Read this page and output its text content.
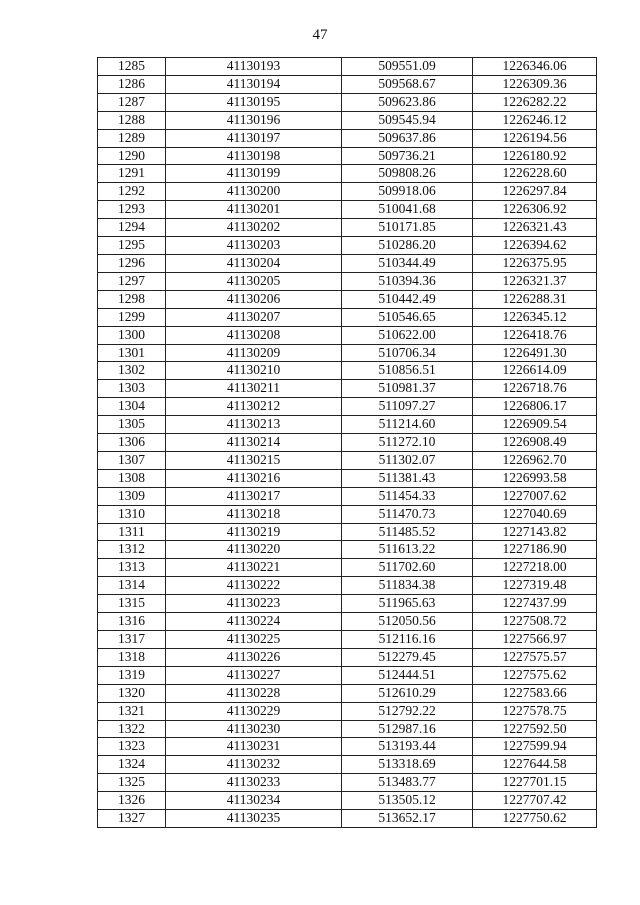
47
1285	41130193	509551.09	1226346.06
1286	41130194	509568.67	1226309.36
1287	41130195	509623.86	1226282.22
1288	41130196	509545.94	1226246.12
1289	41130197	509637.86	1226194.56
1290	41130198	509736.21	1226180.92
1291	41130199	509808.26	1226228.60
1292	41130200	509918.06	1226297.84
1293	41130201	510041.68	1226306.92
1294	41130202	510171.85	1226321.43
1295	41130203	510286.20	1226394.62
1296	41130204	510344.49	1226375.95
1297	41130205	510394.36	1226321.37
1298	41130206	510442.49	1226288.31
1299	41130207	510546.65	1226345.12
1300	41130208	510622.00	1226418.76
1301	41130209	510706.34	1226491.30
1302	41130210	510856.51	1226614.09
1303	41130211	510981.37	1226718.76
1304	41130212	511097.27	1226806.17
1305	41130213	511214.60	1226909.54
1306	41130214	511272.10	1226908.49
1307	41130215	511302.07	1226962.70
1308	41130216	511381.43	1226993.58
1309	41130217	511454.33	1227007.62
1310	41130218	511470.73	1227040.69
1311	41130219	511485.52	1227143.82
1312	41130220	511613.22	1227186.90
1313	41130221	511702.60	1227218.00
1314	41130222	511834.38	1227319.48
1315	41130223	511965.63	1227437.99
1316	41130224	512050.56	1227508.72
1317	41130225	512116.16	1227566.97
1318	41130226	512279.45	1227575.57
1319	41130227	512444.51	1227575.62
1320	41130228	512610.29	1227583.66
1321	41130229	512792.22	1227578.75
1322	41130230	512987.16	1227592.50
1323	41130231	513193.44	1227599.94
1324	41130232	513318.69	1227644.58
1325	41130233	513483.77	1227701.15
1326	41130234	513505.12	1227707.42
1327	41130235	513652.17	1227750.62
